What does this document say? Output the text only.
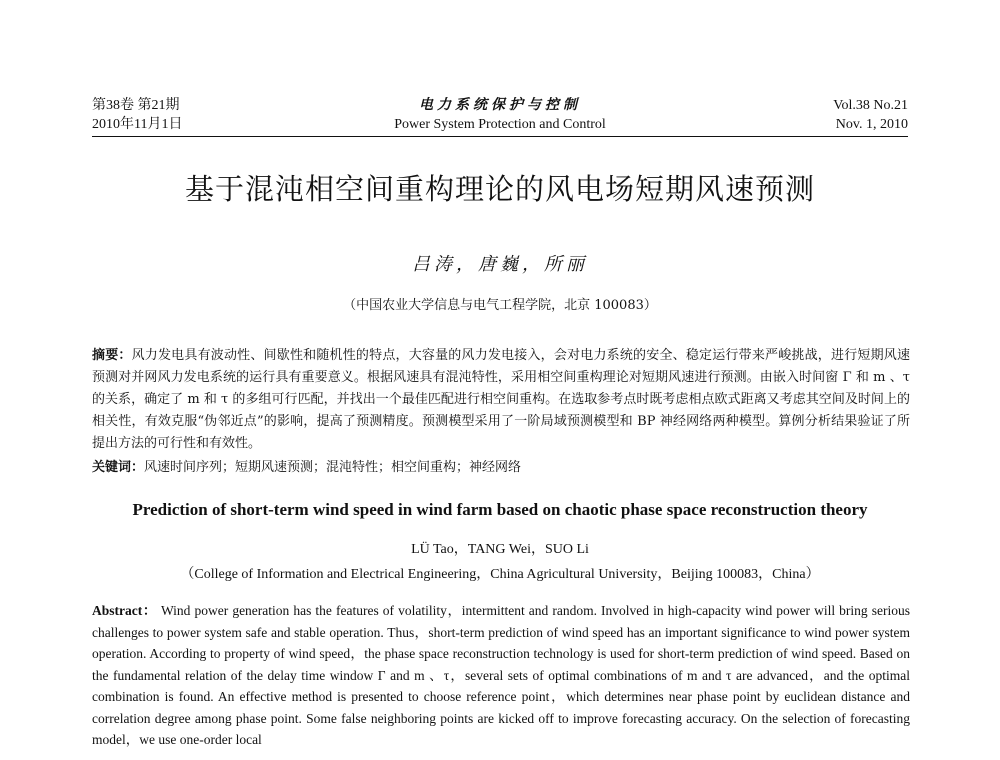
第38卷 第21期
2010年11月1日
电力系统保护与控制
Power System Protection and Control
Vol.38 No.21
Nov. 1, 2010
基于混沌相空间重构理论的风电场短期风速预测
吕涛，唐巍，所丽
（中国农业大学信息与电气工程学院，北京 100083）
摘要：风力发电具有波动性、间歇性和随机性的特点，大容量的风力发电接入，会对电力系统的安全、稳定运行带来严峻挑战，进行短期风速预测对并网风力发电系统的运行具有重要意义。根据风速具有混沌特性，采用相空间重构理论对短期风速进行预测。由嵌入时间窗 Γ 和 m 、τ 的关系，确定了 m 和 τ 的多组可行匹配，并找出一个最佳匹配进行相空间重构。在选取参考点时既考虑相点欧式距离又考虑其空间及时间上的相关性，有效克服“伪邻近点”的影响，提高了预测精度。预测模型采用了一阶局域预测模型和 BP 神经网络两种模型。算例分析结果验证了所提出方法的可行性和有效性。
关键词：风速时间序列；短期风速预测；混沌特性；相空间重构；神经网络
Prediction of short-term wind speed in wind farm based on chaotic phase space reconstruction theory
LÜ Tao，TANG Wei，SUO Li
（College of Information and Electrical Engineering，China Agricultural University，Beijing 100083，China）
Abstract： Wind power generation has the features of volatility，intermittent and random. Involved in high-capacity wind power will bring serious challenges to power system safe and stable operation. Thus，short-term prediction of wind speed has an important significance to wind power system operation. According to property of wind speed，the phase space reconstruction technology is used for short-term prediction of wind speed. Based on the fundamental relation of the delay time window Γ and m 、τ，several sets of optimal combinations of m and τ are advanced，and the optimal combination is found. An effective method is presented to choose reference point，which determines near phase point by euclidean distance and correlation degree among phase point. Some false neighboring points are kicked off to improve forecasting accuracy. On the selection of forecasting model，we use one-order local
